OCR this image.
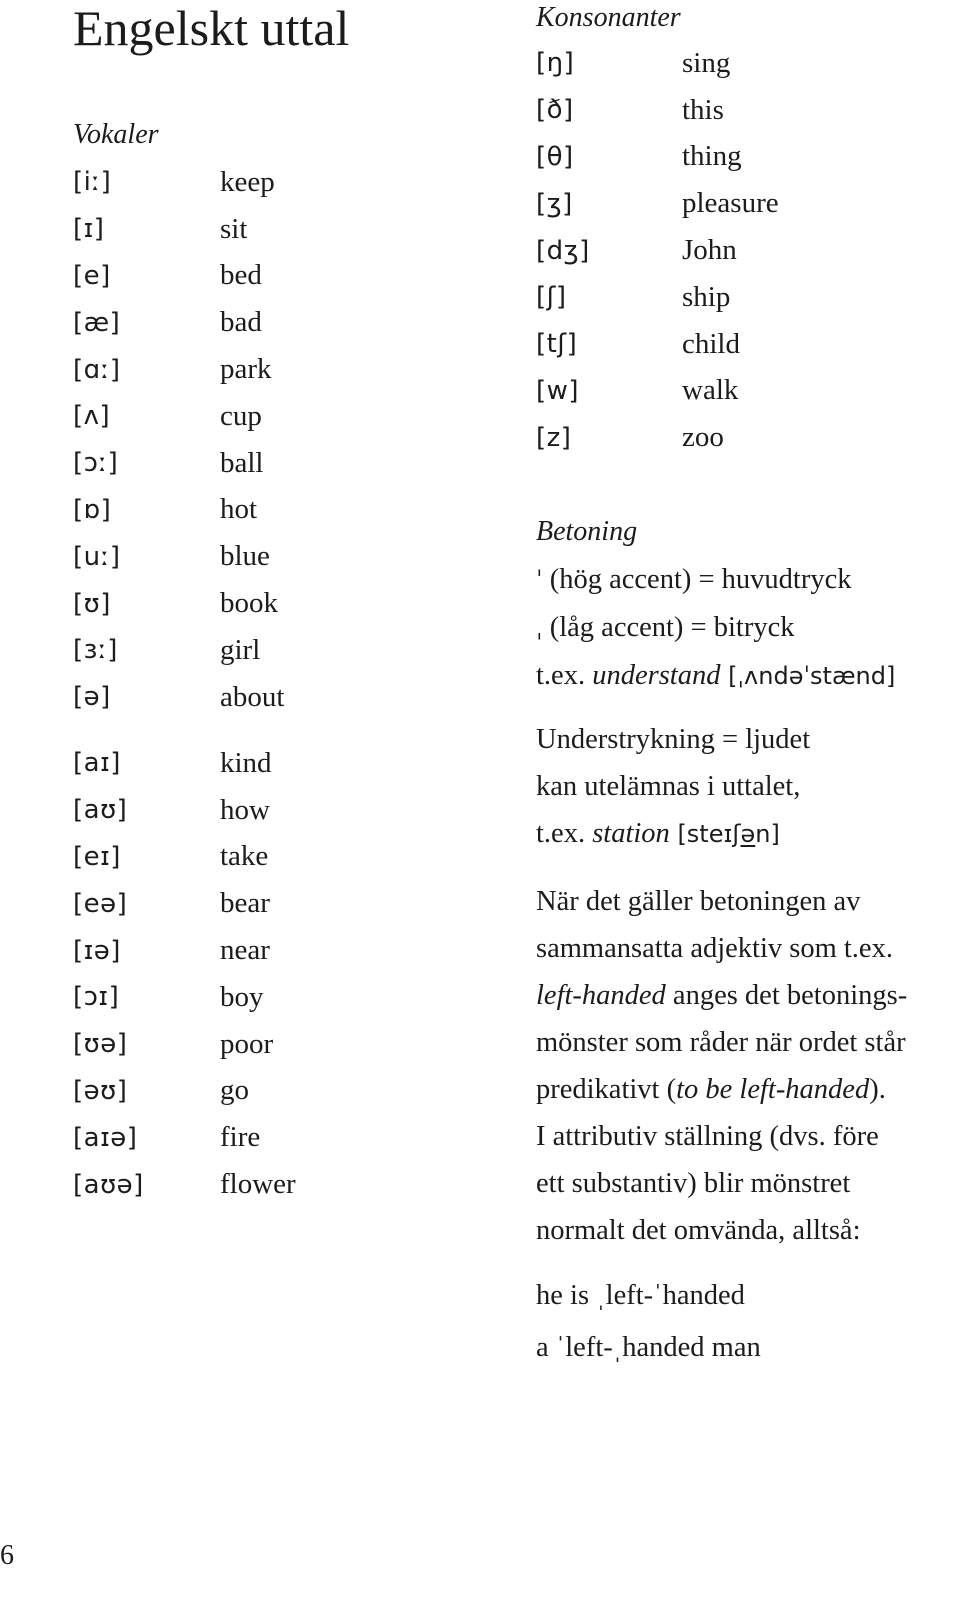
Engelskt uttal
Vokaler
[iː]	keep
[ɪ]	sit
[e]	bed
[æ]	bad
[ɑː]	park
[ʌ]	cup
[ɔː]	ball
[ɒ]	hot
[uː]	blue
[ʊ]	book
[ɜː]	girl
[ə]	about
[aɪ]	kind
[aʊ]	how
[eɪ]	take
[eə]	bear
[ɪə]	near
[ɔɪ]	boy
[ʊə]	poor
[əʊ]	go
[aɪə]	fire
[aʊə]	flower
Konsonanter
[ŋ]	sing
[ð]	this
[θ]	thing
[ʒ]	pleasure
[dʒ]	John
[ʃ]	ship
[tʃ]	child
[w]	walk
[z]	zoo
Betoning
ˈ (hög accent) = huvudtryck
ˌ (låg accent) = bitryck
t.ex. understand [ˌʌndəˈstænd]
Understrykning = ljudet
kan utelämnas i uttalet,
t.ex. station [steɪʃən]
När det gäller betoningen av
sammansatta adjektiv som t.ex.
left-handed anges det betonings-
mönster som råder när ordet står
predikativt (to be left-handed).
I attributiv ställning (dvs. före
ett substantiv) blir mönstret
normalt det omvända, alltså:
he is ˌleft-ˈhanded
a ˈleft-ˌhanded man
6
